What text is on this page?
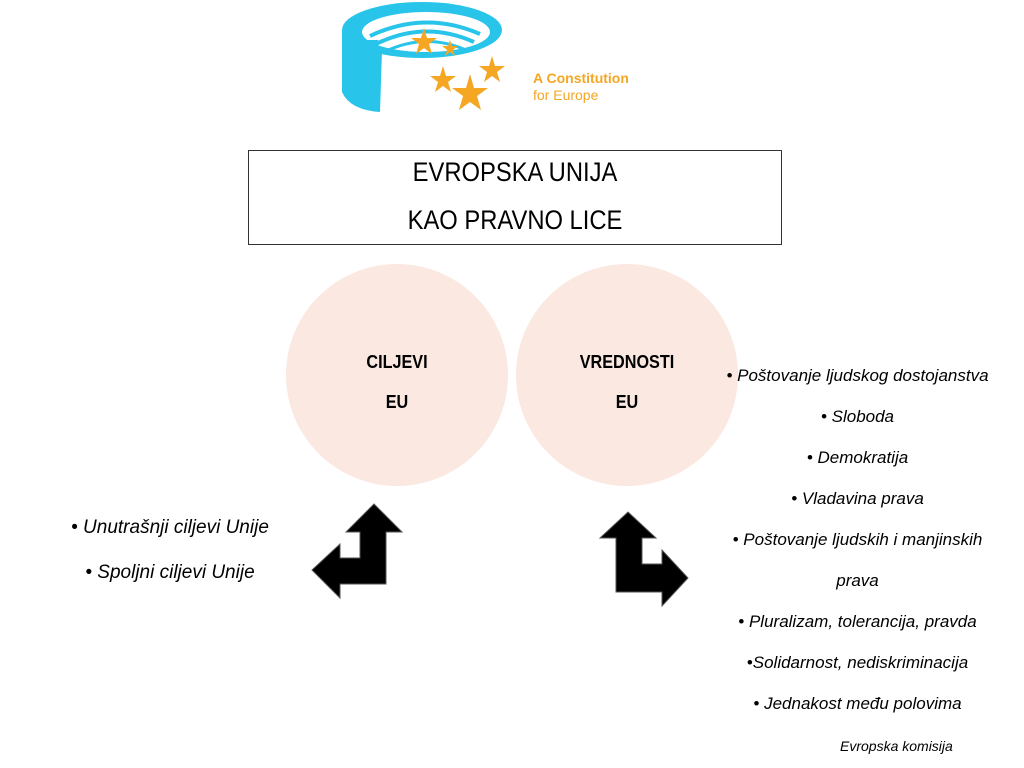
A Constitution
for Europe
EVROPSKA UNIJA
KAO PRAVNO LICE
CILJEVI
EU
VREDNOSTI
EU
• Unutrašnji ciljevi Unije
• Spoljni ciljevi Unije
• Poštovanje ljudskog dostojanstva
• Sloboda
• Demokratija
• Vladavina prava
• Poštovanje ljudskih i manjinskih
prava
• Pluralizam, tolerancija, pravda
•Solidarnost, nediskriminacija
• Jednakost među polovima
Evropska komisija
